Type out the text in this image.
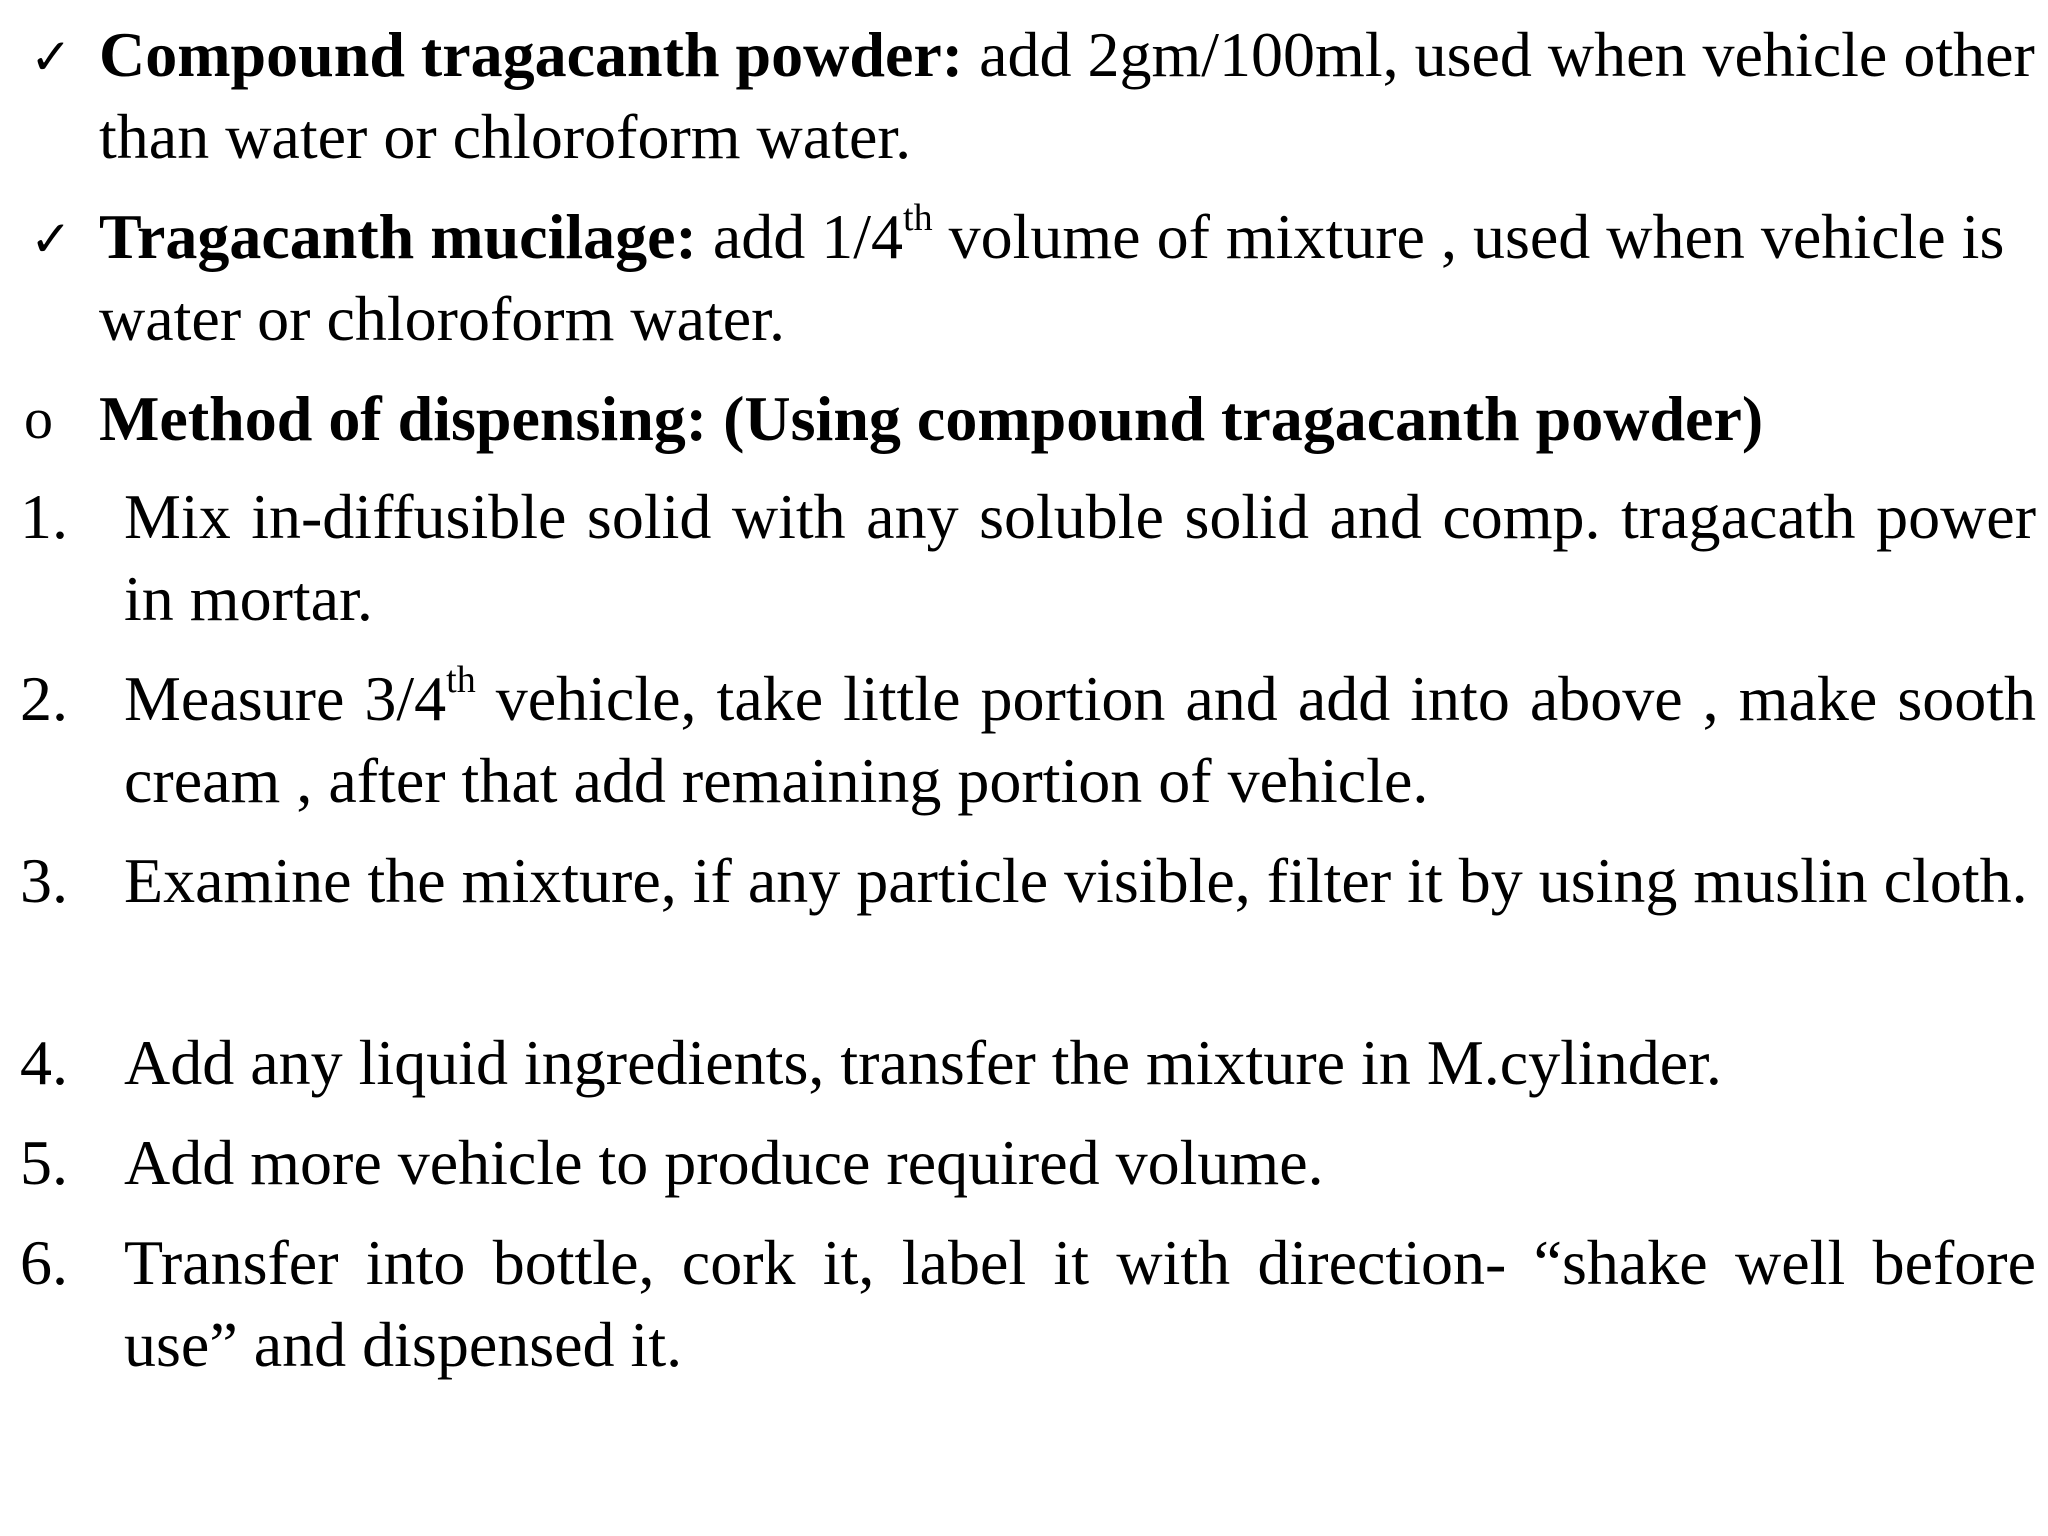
✓ Compound tragacanth powder: add 2gm/100ml, used when vehicle other than water or chloroform water.
✓ Tragacanth mucilage: add 1/4th volume of mixture , used when vehicle is water or chloroform water.
o Method of dispensing: (Using compound tragacanth powder)
1. Mix in-diffusible solid with any soluble solid and comp. tragacath power in mortar.
2. Measure 3/4th vehicle, take little portion and add into above , make sooth cream , after that add remaining portion of vehicle.
3. Examine the mixture, if any particle visible, filter it by using muslin cloth.
4. Add any liquid ingredients, transfer the mixture in M.cylinder.
5. Add more vehicle to produce required volume.
6. Transfer into bottle, cork it, label it with direction- “shake well before use” and dispensed it.
